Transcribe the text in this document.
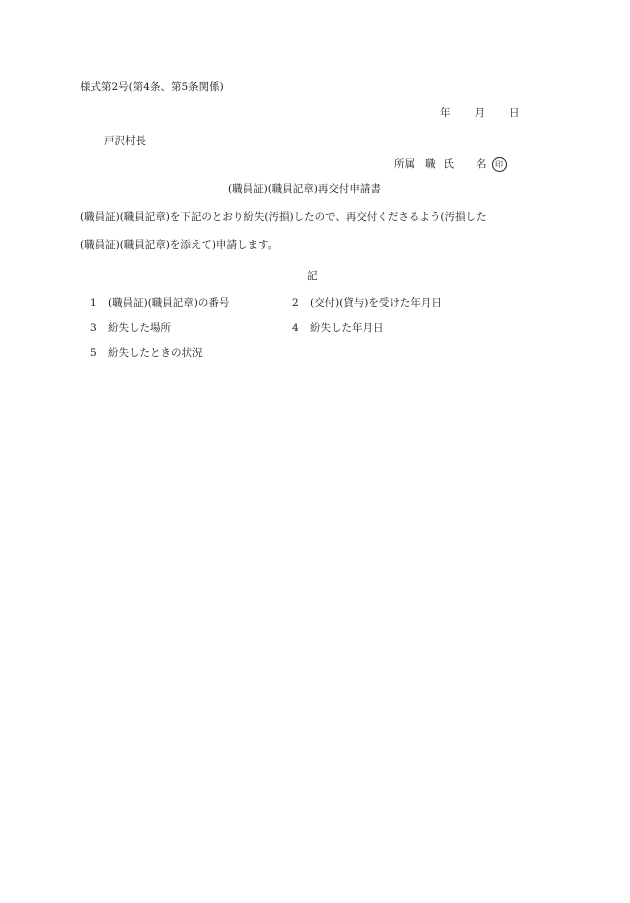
様式第2号(第4条、第5条関係)
年 月 日
戸沢村長
所属 職 氏 名	印
(職員証)(職員記章)再交付申請書
(職員証)(職員記章)を下記のとおり紛失(汚損)したので、再交付くださるよう(汚損した
(職員証)(職員記章)を添えて)申請します。
記
1	(職員証)(職員記章)の番号	2	(交付)(貸与)を受けた年月日
3	紛失した場所	4	紛失した年月日
5	紛失したときの状況
